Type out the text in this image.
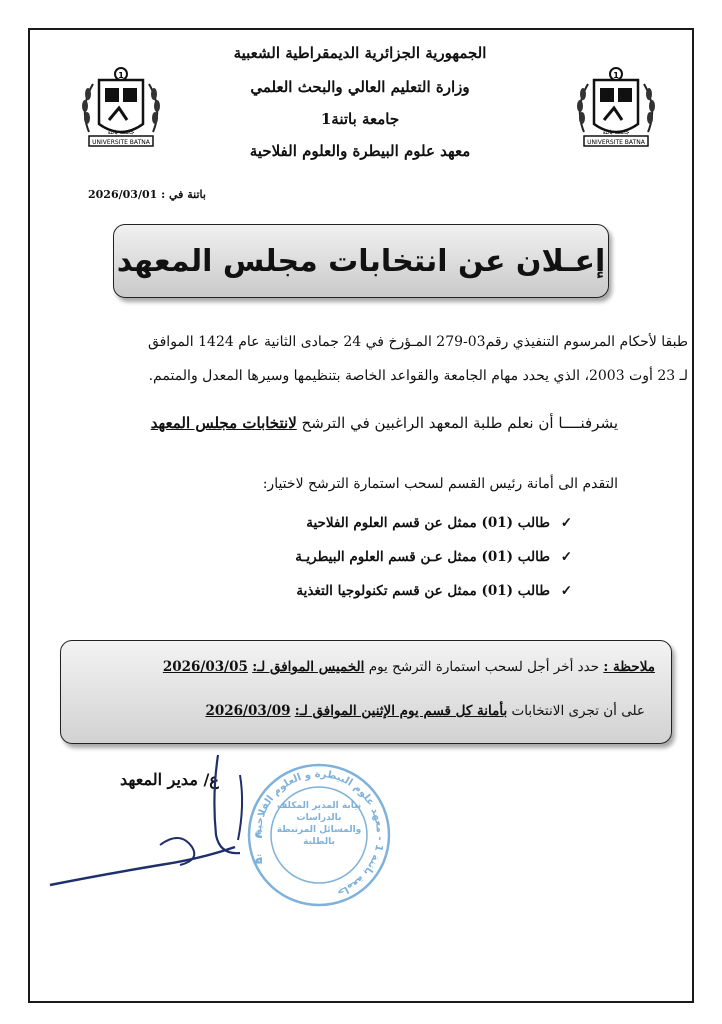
الجمهورية الجزائرية الديمقراطية الشعبية
وزارة التعليم العالي والبحث العلمي
جامعة باتنة1
معهد علوم البيطرة والعلوم الفلاحية
UNIVERSITE BATNA
1
جامعة باتنة
UNIVERSITE BATNA
1
جامعة باتنة
باتنة في : 2026/03/01
إعـلان عن انتخابات مجلس المعهد
طبقا لأحكام المرسوم التنفيذي رقم03-279 المـؤرخ في 24 جمادى الثانية عام 1424 الموافق
لـ 23 أوت 2003، الذي يحدد مهام الجامعة والقواعد الخاصة بتنظيمها وسيرها المعدل والمتمم.
يشرفنــــا أن نعلم طلبة المعهد الراغبين في الترشح لانتخابات مجلس المعهد
التقدم الى أمانة رئيس القسم لسحب استمارة الترشح لاختيار:
✓ طالب (01) ممثل عن قسم العلوم الفلاحية
✓ طالب (01) ممثل عـن قسم العلوم البيطريـة
✓ طالب (01) ممثل عن قسم تكنولوجيا التغذية
ملاحظة : حدد أخر أجل لسحب استمارة الترشح يوم الخميس الموافق لـ: 2026/03/05
على أن تجرى الانتخابات بأمانة كل قسم يوم الإثنين الموافق لـ: 2026/03/09
ع/ مدير المعهد
ة
جامعة باتنة 1 - معهد علوم البيطرة و العلوم الفلاحية
نيابة المدير المكلف بالدراسات والمسائل المرتبطة بالطلبة
